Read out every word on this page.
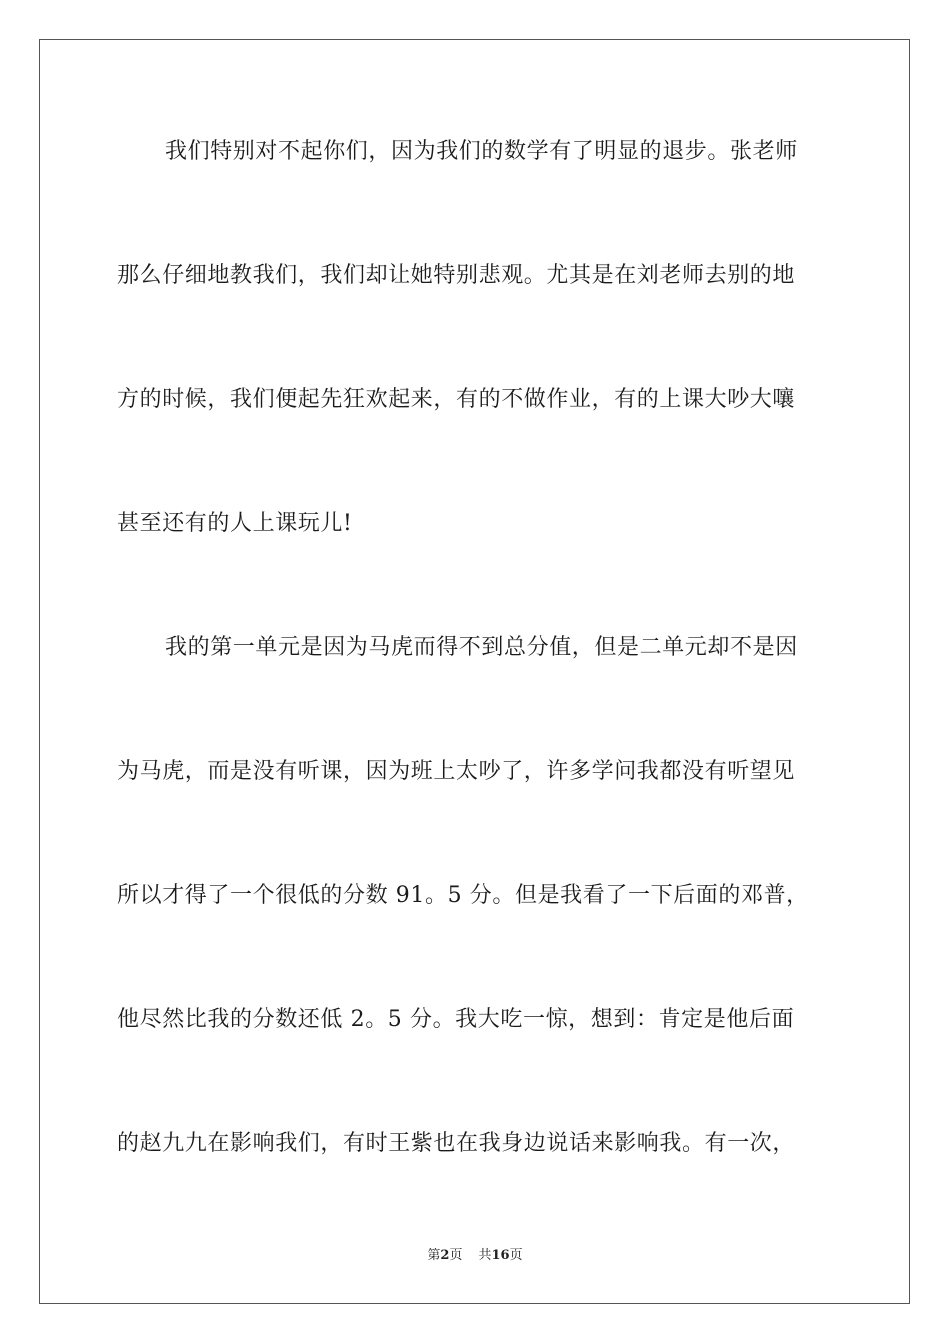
我们特别对不起你们，因为我们的数学有了明显的退步。张老师
那么仔细地教我们，我们却让她特别悲观。尤其是在刘老师去别的地
方的时候，我们便起先狂欢起来，有的不做作业，有的上课大吵大嚷
甚至还有的人上课玩儿!
我的第一单元是因为马虎而得不到总分值，但是二单元却不是因
为马虎，而是没有听课，因为班上太吵了，许多学问我都没有听望见
所以才得了一个很低的分数 91。5 分。但是我看了一下后面的邓普，
他尽然比我的分数还低 2。5 分。我大吃一惊，想到：肯定是他后面
的赵九九在影响我们，有时王紫也在我身边说话来影响我。有一次，
第2页 共16页
